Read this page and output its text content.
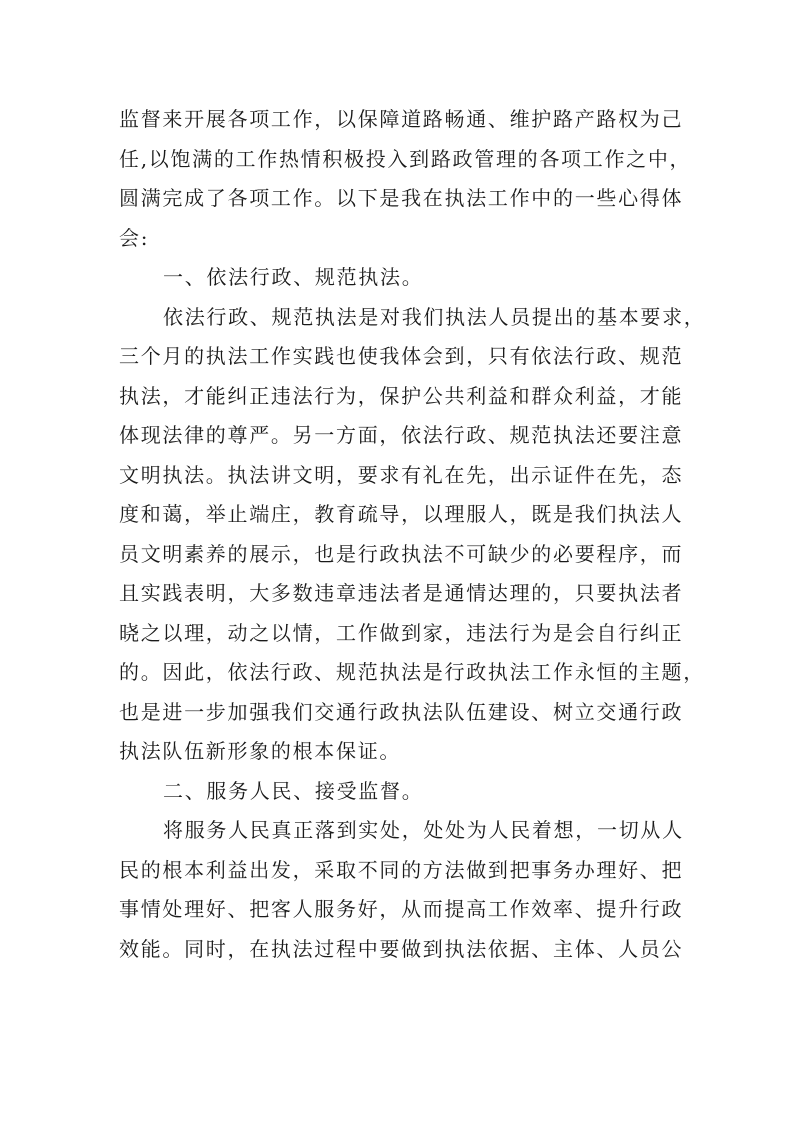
监督来开展各项工作，以保障道路畅通、维护路产路权为己
任,以饱满的工作热情积极投入到路政管理的各项工作之中，
圆满完成了各项工作。以下是我在执法工作中的一些心得体
会:
一、依法行政、规范执法。
依法行政、规范执法是对我们执法人员提出的基本要求，
三个月的执法工作实践也使我体会到，只有依法行政、规范
执法，才能纠正违法行为，保护公共利益和群众利益，才能
体现法律的尊严。另一方面，依法行政、规范执法还要注意
文明执法。执法讲文明，要求有礼在先，出示证件在先，态
度和蔼，举止端庄，教育疏导，以理服人，既是我们执法人
员文明素养的展示，也是行政执法不可缺少的必要程序，而
且实践表明，大多数违章违法者是通情达理的，只要执法者
晓之以理，动之以情，工作做到家，违法行为是会自行纠正
的。因此，依法行政、规范执法是行政执法工作永恒的主题，
也是进一步加强我们交通行政执法队伍建设、树立交通行政
执法队伍新形象的根本保证。
二、服务人民、接受监督。
将服务人民真正落到实处，处处为人民着想，一切从人
民的根本利益出发，采取不同的方法做到把事务办理好、把
事情处理好、把客人服务好，从而提高工作效率、提升行政
效能。同时，在执法过程中要做到执法依据、主体、人员公
